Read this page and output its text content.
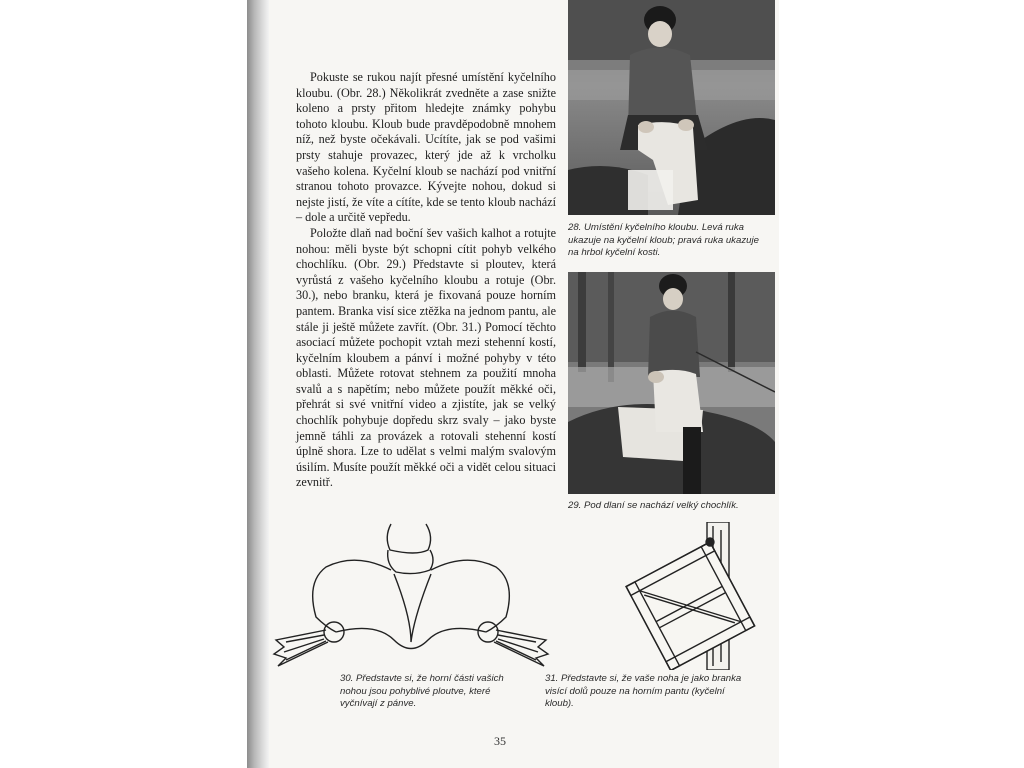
Pokuste se rukou najít přesné umístění kyčelního kloubu. (Obr. 28.) Několikrát zvedněte a zase snižte koleno a prsty přitom hledejte známky pohybu tohoto kloubu. Kloub bude pravděpodobně mnohem níž, než byste očekávali. Ucítíte, jak se pod vašimi prsty stahuje provazec, který jde až k vrcholku vašeho kolena. Kyčelní kloub se nachází pod vnitřní stranou tohoto provazce. Kývejte nohou, dokud si nejste jistí, že víte a cítíte, kde se tento kloub nachází – dole a určitě vepředu.

Položte dlaň nad boční šev vašich kalhot a rotujte nohou: měli byste být schopni cítit pohyb velkého chochlíku. (Obr. 29.) Představte si ploutev, která vyrůstá z vašeho kyčelního kloubu a rotuje (Obr. 30.), nebo branku, která je fixovaná pouze horním pantem. Branka visí sice ztěžka na jednom pantu, ale stále ji ještě můžete zavřít. (Obr. 31.) Pomocí těchto asociací můžete pochopit vztah mezi stehenní kostí, kyčelním kloubem a pánví i možné pohyby v této oblasti. Můžete rotovat stehnem za použití mnoha svalů a s napětím; nebo můžete použít měkké oči, přehrát si své vnitřní video a zjistíte, jak se velký chochlík pohybuje dopředu skrz svaly – jako byste jemně táhli za provázek a rotovali stehenní kostí úplně shora. Lze to udělat s velmi malým svalovým úsilím. Musíte použít měkké oči a vidět celou situaci zevnitř.

28. Umístění kyčelního kloubu. Levá ruka ukazuje na kyčelní kloub; pravá ruka ukazuje na hrbol kyčelní kosti.
29. Pod dlaní se nachází velký chochlík.
30. Představte si, že horní části vašich nohou jsou pohyblivé ploutve, které vyčnívají z pánve.
31. Představte si, že vaše noha je jako branka visící dolů pouze na horním pantu (kyčelní kloub).
35
